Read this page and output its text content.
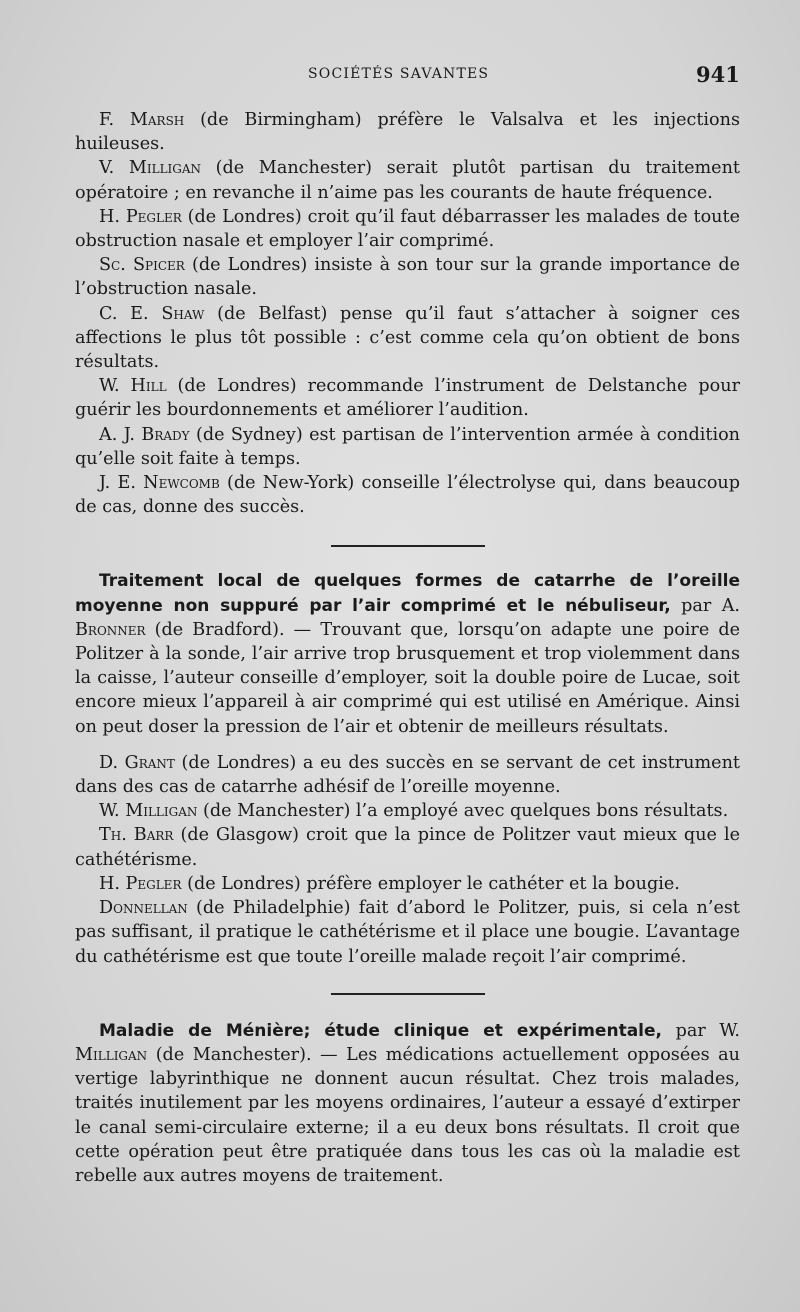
SOCIÉTÉS SAVANTES	941

F. Marsh (de Birmingham) préfère le Valsalva et les injections huileuses.

V. Milligan (de Manchester) serait plutôt partisan du traitement opératoire ; en revanche il n’aime pas les courants de haute fréquence.

H. Pegler (de Londres) croit qu’il faut débarrasser les malades de toute obstruction nasale et employer l’air comprimé.

Sc. Spicer (de Londres) insiste à son tour sur la grande importance de l’obstruction nasale.

C. E. Shaw (de Belfast) pense qu’il faut s’attacher à soigner ces affections le plus tôt possible : c’est comme cela qu’on obtient de bons résultats.

W. Hill (de Londres) recommande l’instrument de Delstanche pour guérir les bourdonnements et améliorer l’audition.

A. J. Brady (de Sydney) est partisan de l’intervention armée à condition qu’elle soit faite à temps.

J. E. Newcomb (de New-York) conseille l’électrolyse qui, dans beaucoup de cas, donne des succès.

Traitement local de quelques formes de catarrhe de l’oreille moyenne non suppuré par l’air comprimé et le nébuliseur, par A. Bronner (de Bradford). — Trouvant que, lorsqu’on adapte une poire de Politzer à la sonde, l’air arrive trop brusquement et trop violemment dans la caisse, l’auteur conseille d’employer, soit la double poire de Lucae, soit encore mieux l’appareil à air comprimé qui est utilisé en Amérique. Ainsi on peut doser la pression de l’air et obtenir de meilleurs résultats.

D. Grant (de Londres) a eu des succès en se servant de cet instrument dans des cas de catarrhe adhésif de l’oreille moyenne.

W. Milligan (de Manchester) l’a employé avec quelques bons résultats.

Th. Barr (de Glasgow) croit que la pince de Politzer vaut mieux que le cathétérisme.

H. Pegler (de Londres) préfère employer le cathéter et la bougie.

Donnellan (de Philadelphie) fait d’abord le Politzer, puis, si cela n’est pas suffisant, il pratique le cathétérisme et il place une bougie. L’avantage du cathétérisme est que toute l’oreille malade reçoit l’air comprimé.

Maladie de Ménière; étude clinique et expérimentale, par W. Milligan (de Manchester). — Les médications actuellement opposées au vertige labyrinthique ne donnent aucun résultat. Chez trois malades, traités inutilement par les moyens ordinaires, l’auteur a essayé d’extirper le canal semi-circulaire externe; il a eu deux bons résultats. Il croit que cette opération peut être pratiquée dans tous les cas où la maladie est rebelle aux autres moyens de traitement.
